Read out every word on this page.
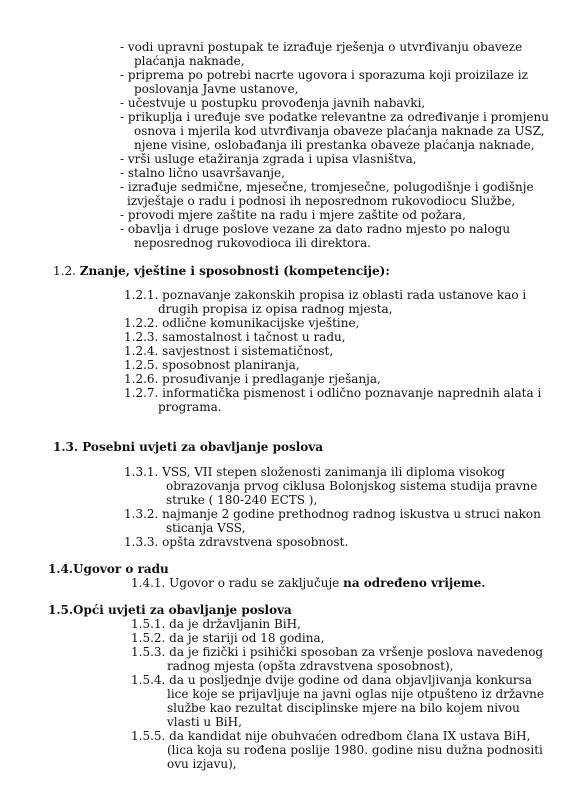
- vodi upravni postupak te izrađuje rješenja o utvrđivanju obaveze
plaćanja naknade,
- priprema po potrebi nacrte ugovora i sporazuma koji proizilaze iz
poslovanja Javne ustanove,
- učestvuje u postupku provođenja javnih nabavki,
- prikuplja i uređuje sve podatke relevantne za određivanje i promjenu
osnova i mjerila kod utvrđivanja obaveze plaćanja naknade za USZ,
njene visine, oslobađanja ili prestanka obaveze plaćanja naknade,
- vrši usluge etažiranja zgrada i upisa vlasništva,
- stalno lično usavršavanje,
- izrađuje sedmične, mjesečne, tromjesečne, polugodišnje i godišnje
izvještaje o radu i podnosi ih neposrednom rukovodiocu Službe,
- provodi mjere zaštite na radu i mjere zaštite od požara,
- obavlja i druge poslove vezane za dato radno mjesto po nalogu
neposrednog rukovodioca ili direktora.
1.2. Znanje, vještine i sposobnosti (kompetencije):
1.2.1. poznavanje zakonskih propisa iz oblasti rada ustanove kao i
drugih propisa iz opisa radnog mjesta,
1.2.2. odlične komunikacijske vještine,
1.2.3. samostalnost i tačnost u radu,
1.2.4. savjestnost i sistematičnost,
1.2.5. sposobnost planiranja,
1.2.6. prosuđivanje i predlaganje rješanja,
1.2.7. informatička pismenost i odlično poznavanje naprednih alata i
programa.
1.3. Posebni uvjeti za obavljanje poslova
1.3.1. VSS, VII stepen složenosti zanimanja ili diploma visokog
obrazovanja prvog ciklusa Bolonjskog sistema studija pravne
struke ( 180-240 ECTS ),
1.3.2. najmanje 2 godine prethodnog radnog iskustva u struci nakon
sticanja VSS,
1.3.3. opšta zdravstvena sposobnost.
1.4.Ugovor o radu
1.4.1. Ugovor o radu se zaključuje na određeno vrijeme.
1.5.Opći uvjeti za obavljanje poslova
1.5.1. da je državljanin BiH,
1.5.2. da je stariji od 18 godina,
1.5.3. da je fizički i psihički sposoban za vršenje poslova navedenog
radnog mjesta (opšta zdravstvena sposobnost),
1.5.4. da u posljednje dvije godine od dana objavljivanja konkursa
lice koje se prijavljuje na javni oglas nije otpušteno iz državne
službe kao rezultat disciplinske mjere na bilo kojem nivou
vlasti u BiH,
1.5.5. da kandidat nije obuhvaćen odredbom člana IX ustava BiH,
(lica koja su rođena poslije 1980. godine nisu dužna podnositi
ovu izjavu),
